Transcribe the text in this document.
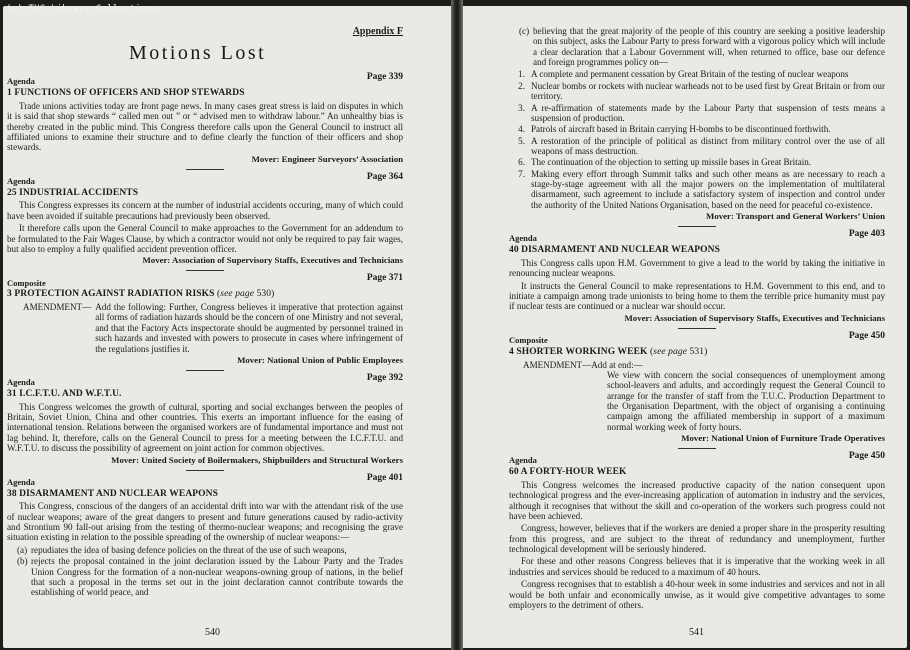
(c) TUC Library Collections
Appendix F
Motions Lost
Agenda	Page 339
1 FUNCTIONS OF OFFICERS AND SHOP STEWARDS

Trade unions activities today are front page news. In many cases great stress is laid on disputes in which it is said that shop stewards “ called men out ” or “ advised men to withdraw labour.” An unhealthy bias is thereby created in the public mind. This Congress therefore calls upon the General Council to instruct all affiliated unions to examine their structure and to define clearly the function of their officers and shop stewards.

Mover: Engineer Surveyors’ Association
Agenda	Page 364
25 INDUSTRIAL ACCIDENTS

This Congress expresses its concern at the number of industrial accidents occuring, many of which could have been avoided if suitable precautions had previously been observed.

It therefore calls upon the General Council to make approaches to the Government for an addendum to be formulated to the Fair Wages Clause, by which a contractor would not only be required to pay fair wages, but also to employ a fully qualified accident prevention officer.

Mover: Association of Supervisory Staffs, Executives and Technicians
Composite	Page 371
3 PROTECTION AGAINST RADIATION RISKS (see page 530)
AMENDMENT— Add the following: Further, Congress believes it imperative that protection against all forms of radiation hazards should be the concern of one Ministry and not several, and that the Factory Acts inspectorate should be augmented by personnel trained in such hazards and invested with powers to prosecute in cases where infringement of the regulations justifies it.
Mover: National Union of Public Employees
Agenda	Page 392
31 I.C.F.T.U. AND W.F.T.U.

This Congress welcomes the growth of cultural, sporting and social exchanges between the peoples of Britain, Soviet Union, China and other countries. This exerts an important influence for the easing of international tension. Relations between the organised workers are of fundamental importance and must not lag behind. It, therefore, calls on the General Council to press for a meeting between the I.C.F.T.U. and W.F.T.U. to discuss the possibility of agreement on joint action for common objectives.

Mover: United Society of Boilermakers, Shipbuilders and Structural Workers
Agenda	Page 401
38 DISARMAMENT AND NUCLEAR WEAPONS

This Congress, conscious of the dangers of an accidental drift into war with the attendant risk of the use of nuclear weapons; aware of the great dangers to present and future generations caused by radio-activity and Strontium 90 fall-out arising from the testing of thermo-nuclear weapons; and recognising the grave situation existing in relation to the possible spreading of the ownership of nuclear weapons:—

(a) repudiates the idea of basing defence policies on the threat of the use of such weapons,
(b) rejects the proposal contained in the joint declaration issued by the Labour Party and the Trades Union Congress for the formation of a non-nuclear weapons-owning group of nations, in the belief that such a proposal in the terms set out in the joint declaration cannot contribute towards the establishing of world peace, and
540
(c) believing that the great majority of the people of this country are seeking a positive leadership on this subject, asks the Labour Party to press forward with a vigorous policy which will include a clear declaration that a Labour Government will, when returned to office, base our defence and foreign programmes policy on—
1. A complete and permanent cessation by Great Britain of the testing of nuclear weapons
2. Nuclear bombs or rockets with nuclear warheads not to be used first by Great Britain or from our territory.
3. A re-affirmation of statements made by the Labour Party that suspension of tests means a suspension of production.
4. Patrols of aircraft based in Britain carrying H-bombs to be discontinued forthwith.
5. A restoration of the principle of political as distinct from military control over the use of all weapons of mass destruction.
6. The continuation of the objection to setting up missile bases in Great Britain.
7. Making every effort through Summit talks and such other means as are necessary to reach a stage-by-stage agreement with all the major powers on the implementation of multilateral disarmament, such agreement to include a satisfactory system of inspection and control under the authority of the United Nations Organisation, based on the need for peaceful co-existence.
Mover: Transport and General Workers’ Union
Agenda	Page 403
40 DISARMAMENT AND NUCLEAR WEAPONS

This Congress calls upon H.M. Government to give a lead to the world by taking the initiative in renouncing nuclear weapons.

It instructs the General Council to make representations to H.M. Government to this end, and to initiate a campaign among trade unionists to bring home to them the terrible price humanity must pay if nuclear tests are continued or a nuclear war should occur.

Mover: Association of Supervisory Staffs, Executives and Technicians
Composite	Page 450
4 SHORTER WORKING WEEK (see page 531)

AMENDMENT—Add at end:—

We view with concern the social consequences of unemployment among school-leavers and adults, and accordingly request the General Council to arrange for the transfer of staff from the T.U.C. Production Department to the Organisation Department, with the object of organising a continuing campaign among the affiliated membership in support of a maximum normal working week of forty hours.
Mover: National Union of Furniture Trade Operatives
Agenda	Page 450
60 A FORTY-HOUR WEEK

This Congress welcomes the increased productive capacity of the nation consequent upon technological progress and the ever-increasing application of automation in industry and the services, although it recognises that without the skill and co-operation of the workers such progress could not have been achieved.

Congress, however, believes that if the workers are denied a proper share in the prosperity resulting from this progress, and are subject to the threat of redundancy and unemployment, further technological development will be seriously hindered.

For these and other reasons Congress believes that it is imperative that the working week in all industries and services should be reduced to a maximum of 40 hours.

Congress recognises that to establish a 40-hour week in some industries and services and not in all would be both unfair and economically unwise, as it would give competitive advantages to some employers to the detriment of others.

541
